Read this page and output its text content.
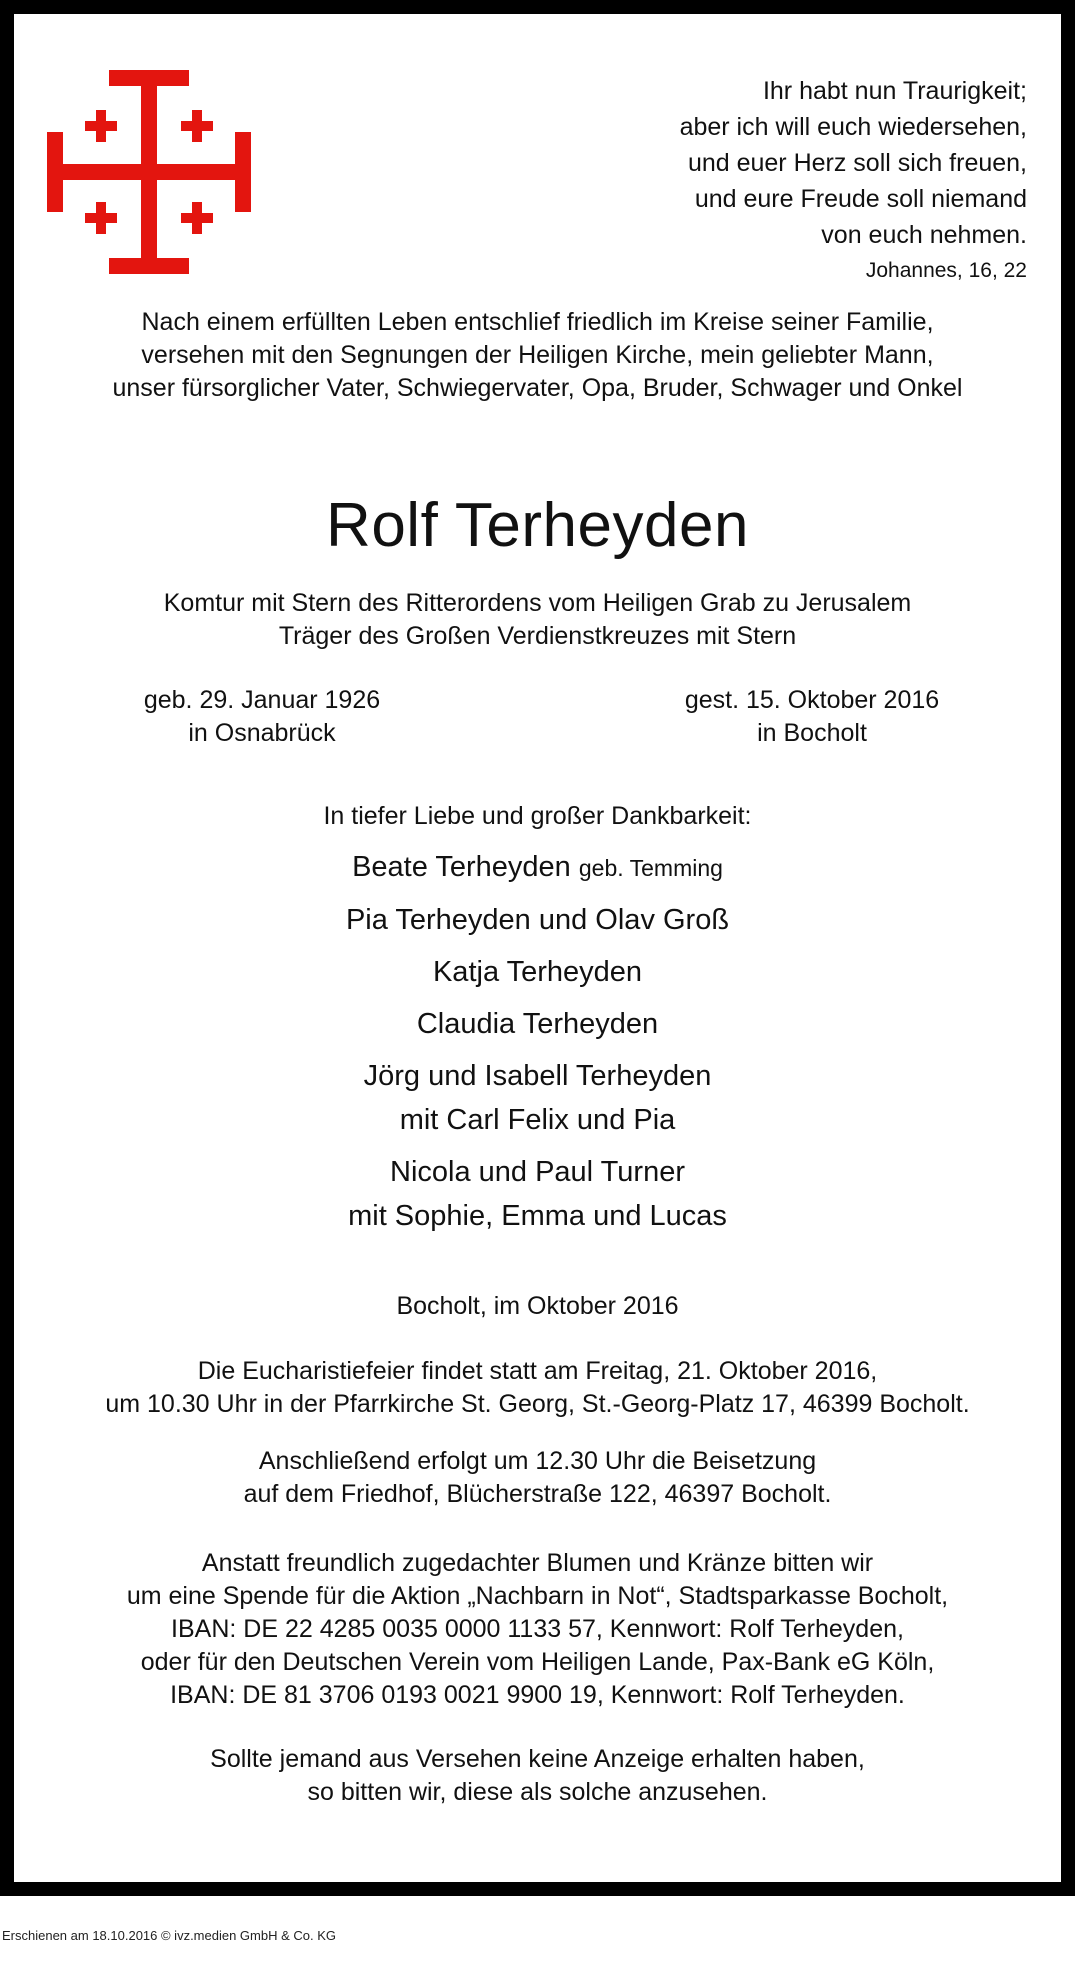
Ihr habt nun Traurigkeit;
aber ich will euch wiedersehen,
und euer Herz soll sich freuen,
und eure Freude soll niemand
von euch nehmen.
Johannes, 16, 22
Nach einem erfüllten Leben entschlief friedlich im Kreise seiner Familie,
versehen mit den Segnungen der Heiligen Kirche, mein geliebter Mann,
unser fürsorglicher Vater, Schwiegervater, Opa, Bruder, Schwager und Onkel
Rolf Terheyden
Komtur mit Stern des Ritterordens vom Heiligen Grab zu Jerusalem
Träger des Großen Verdienstkreuzes mit Stern
geb. 29. Januar 1926
in Osnabrück
gest. 15. Oktober 2016
in Bocholt
In tiefer Liebe und großer Dankbarkeit:
Beate Terheyden geb. Temming
Pia Terheyden und Olav Groß
Katja Terheyden
Claudia Terheyden
Jörg und Isabell Terheyden
mit Carl Felix und Pia
Nicola und Paul Turner
mit Sophie, Emma und Lucas
Bocholt, im Oktober 2016
Die Eucharistiefeier findet statt am Freitag, 21. Oktober 2016,
um 10.30 Uhr in der Pfarrkirche St. Georg, St.-Georg-Platz 17, 46399 Bocholt.
Anschließend erfolgt um 12.30 Uhr die Beisetzung
auf dem Friedhof, Blücherstraße 122, 46397 Bocholt.
Anstatt freundlich zugedachter Blumen und Kränze bitten wir
um eine Spende für die Aktion „Nachbarn in Not“, Stadtsparkasse Bocholt,
IBAN: DE 22 4285 0035 0000 1133 57, Kennwort: Rolf Terheyden,
oder für den Deutschen Verein vom Heiligen Lande, Pax-Bank eG Köln,
IBAN: DE 81 3706 0193 0021 9900 19, Kennwort: Rolf Terheyden.
Sollte jemand aus Versehen keine Anzeige erhalten haben,
so bitten wir, diese als solche anzusehen.
Erschienen am 18.10.2016 © ivz.medien GmbH & Co. KG
